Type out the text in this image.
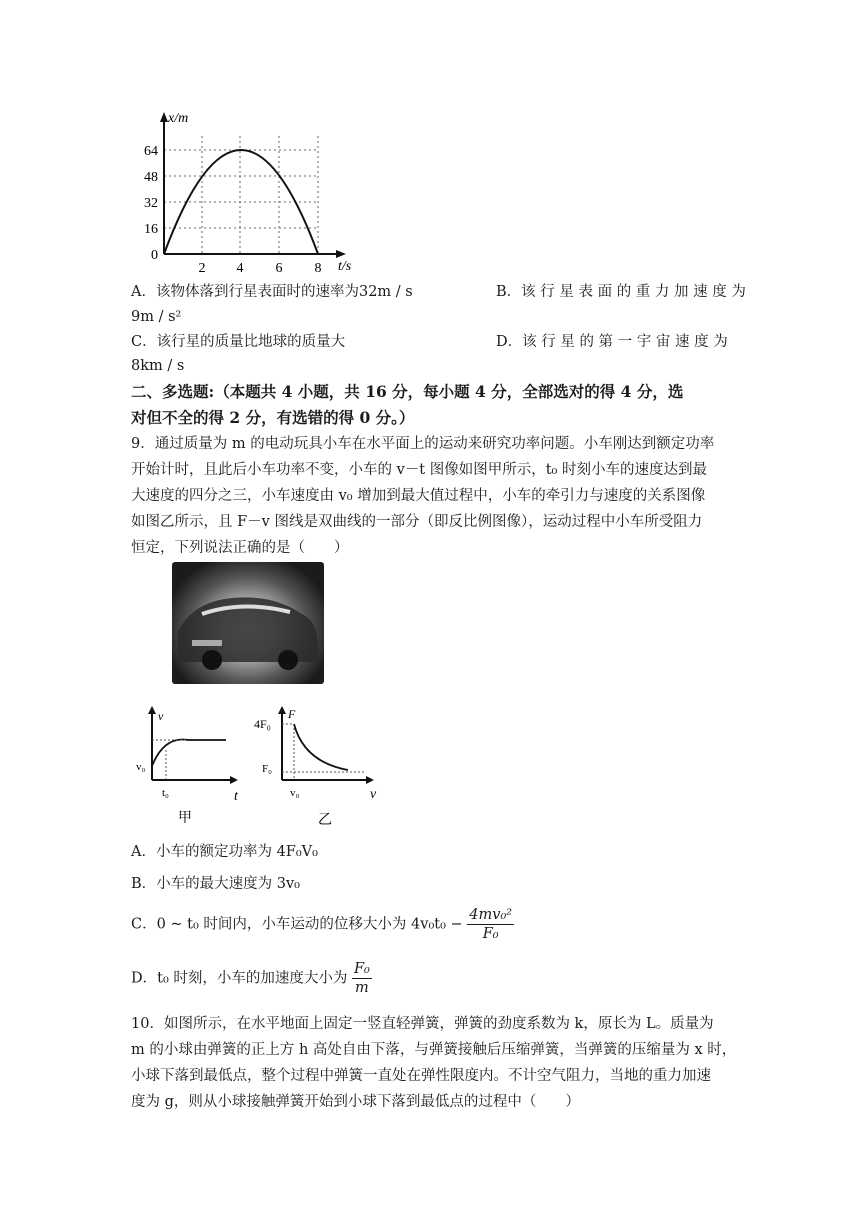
x/m
t/s
64
48
32
16
0
2 4 6 8
A．该物体落到行星表面时的速率为32m / s	B．该 行 星 表 面 的 重 力 加 速 度 为
9m / s²
C．该行星的质量比地球的质量大	D．该 行 星 的 第 一 宇 宙 速 度 为
8km / s
二、多选题:（本题共 4 小题，共 16 分，每小题 4 分，全部选对的得 4 分，选
对但不全的得 2 分，有选错的得 0 分。）
9．通过质量为 m 的电动玩具小车在水平面上的运动来研究功率问题。小车刚达到额定功率
开始计时，且此后小车功率不变，小车的 v－t 图像如图甲所示，t₀ 时刻小车的速度达到最
大速度的四分之三，小车速度由 v₀ 增加到最大值过程中，小车的牵引力与速度的关系图像
如图乙所示，且 F－v 图线是双曲线的一部分（即反比例图像），运动过程中小车所受阻力
恒定，下列说法正确的是（　　）
v
t
v₀
t₀
甲
F
v
4F₀
F₀
v₀
乙
A．小车的额定功率为 4F₀V₀
B．小车的最大速度为 3v₀
C．0 ~ t₀ 时间内，小车运动的位移大小为 $4v_0t_0 - \frac{\text{4mv₀²}}{\text{F₀}}$
D．t₀ 时刻，小车的加速度大小为 $\frac{\text{F₀}}{m}$
10．如图所示，在水平地面上固定一竖直轻弹簧，弹簧的劲度系数为 k，原长为 L。质量为
m 的小球由弹簧的正上方 h 高处自由下落，与弹簧接触后压缩弹簧，当弹簧的压缩量为 x 时，
小球下落到最低点，整个过程中弹簧一直处在弹性限度内。不计空气阻力，当地的重力加速
度为 g，则从小球接触弹簧开始到小球下落到最低点的过程中（　　）
